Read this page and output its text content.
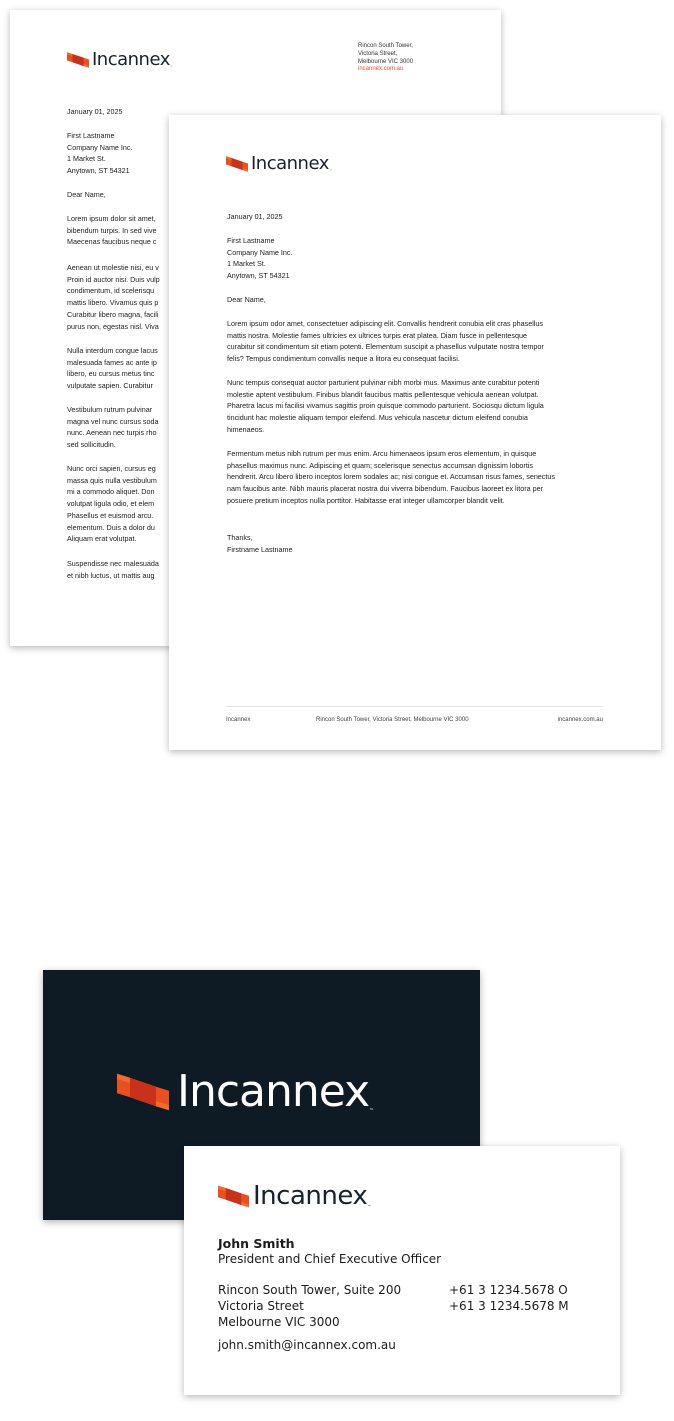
Incannex™
Rincon South Tower,
Victoria Street,
Melbourne VIC 3000
incannex.com.au
January 01, 2025
First Lastname
Company Name Inc.
1 Market St.
Anytown, ST 54321
Dear Name,
Lorem ipsum dolor sit amet,
bibendum turpis. In sed vive
Maecenas faucibus neque c
Aenean ut molestie nisi, eu v
Proin id auctor nisi. Duis vulp
condimentum, id scelerisqu
mattis libero. Vivamus quis p
Curabitur libero magna, facili
purus non, egestas nisl. Viva
Nulla interdum congue lacus
malesuada fames ac ante ip
libero, eu cursus metus tinc
vulputate sapien. Curabitur
Vestibulum rutrum pulvinar
magna vel nunc cursus soda
nunc. Aenean nec turpis rho
sed sollicitudin.
Nunc orci sapien, cursus eg
massa quis nulla vestibulum
mi a commodo aliquet. Don
volutpat ligula odio, et elem
Phasellus et euismod arcu.
elementum. Duis a dolor du
Aliquam erat volutpat.
Suspendisse nec malesuada
et nibh luctus, ut mattis aug
Incannex™
January 01, 2025
First Lastname
Company Name Inc.
1 Market St.
Anytown, ST 54321
Dear Name,
Lorem ipsum odor amet, consectetuer adipiscing elit. Convallis hendrerit conubia elit cras phasellus
mattis nostra. Molestie fames ultricies ex ultrices turpis erat platea. Diam fusce in pellentesque
curabitur sit condimentum sit etiam potenti. Elementum suscipit a phasellus vulputate nostra tempor
felis? Tempus condimentum convallis neque a litora eu consequat facilisi.
Nunc tempus consequat auctor parturient pulvinar nibh morbi mus. Maximus ante curabitur potenti
molestie aptent vestibulum. Finibus blandit faucibus mattis pellentesque vehicula aenean volutpat.
Pharetra lacus mi facilisi vivamus sagittis proin quisque commodo parturient. Sociosqu dictum ligula
tincidunt hac molestie aliquam tempor eleifend. Mus vehicula nascetur dictum eleifend conubia
himenaeos.
Fermentum metus nibh rutrum per mus enim. Arcu himenaeos ipsum eros elementum, in quisque
phasellus maximus nunc. Adipiscing et quam; scelerisque senectus accumsan dignissim lobortis
hendrerit. Arcu libero libero inceptos lorem sodales ac; nisi congue et. Accumsan risus fames, senectus
nam faucibus ante. Nibh mauris placerat nostra dui viverra bibendum. Faucibus laoreet ex litora per
posuere pretium inceptos nulla porttitor. Habitasse erat integer ullamcorper blandit velit.
Thanks,
Firstname Lastname
Incannex	Rincon South Tower, Victoria Street, Melbourne VIC 3000	incannex.com.au
Incannex™
Incannex™
John Smith
President and Chief Executive Officer
Rincon South Tower, Suite 200
Victoria Street
Melbourne VIC 3000
+61 3 1234.5678 O
+61 3 1234.5678 M
john.smith@incannex.com.au
